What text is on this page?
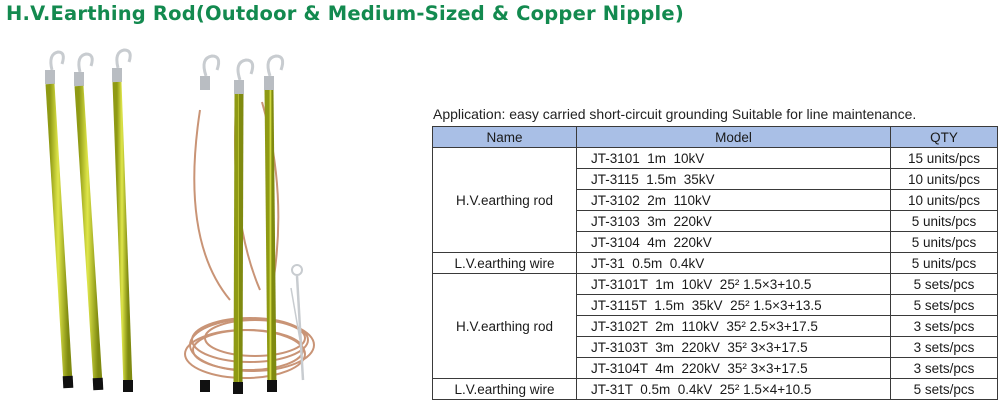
H.V.Earthing Rod(Outdoor & Medium-Sized & Copper Nipple)
Application: easy carried short-circuit grounding Suitable for line maintenance.
Name	Model	QTY
H.V.earthing rod	JT-3101  1m  10kV	15 units/pcs
	JT-3115  1.5m  35kV	10 units/pcs
	JT-3102  2m  110kV	10 units/pcs
	JT-3103  3m  220kV	5 units/pcs
	JT-3104  4m  220kV	5 units/pcs
L.V.earthing wire	JT-31  0.5m  0.4kV	5 units/pcs
H.V.earthing rod	JT-3101T  1m  10kV  25² 1.5×3+10.5	5 sets/pcs
	JT-3115T  1.5m  35kV  25² 1.5×3+13.5	5 sets/pcs
	JT-3102T  2m  110kV  35² 2.5×3+17.5	3 sets/pcs
	JT-3103T  3m  220kV  35² 3×3+17.5	3 sets/pcs
	JT-3104T  4m  220kV  35² 3×3+17.5	3 sets/pcs
L.V.earthing wire	JT-31T  0.5m  0.4kV  25² 1.5×4+10.5	5 sets/pcs
